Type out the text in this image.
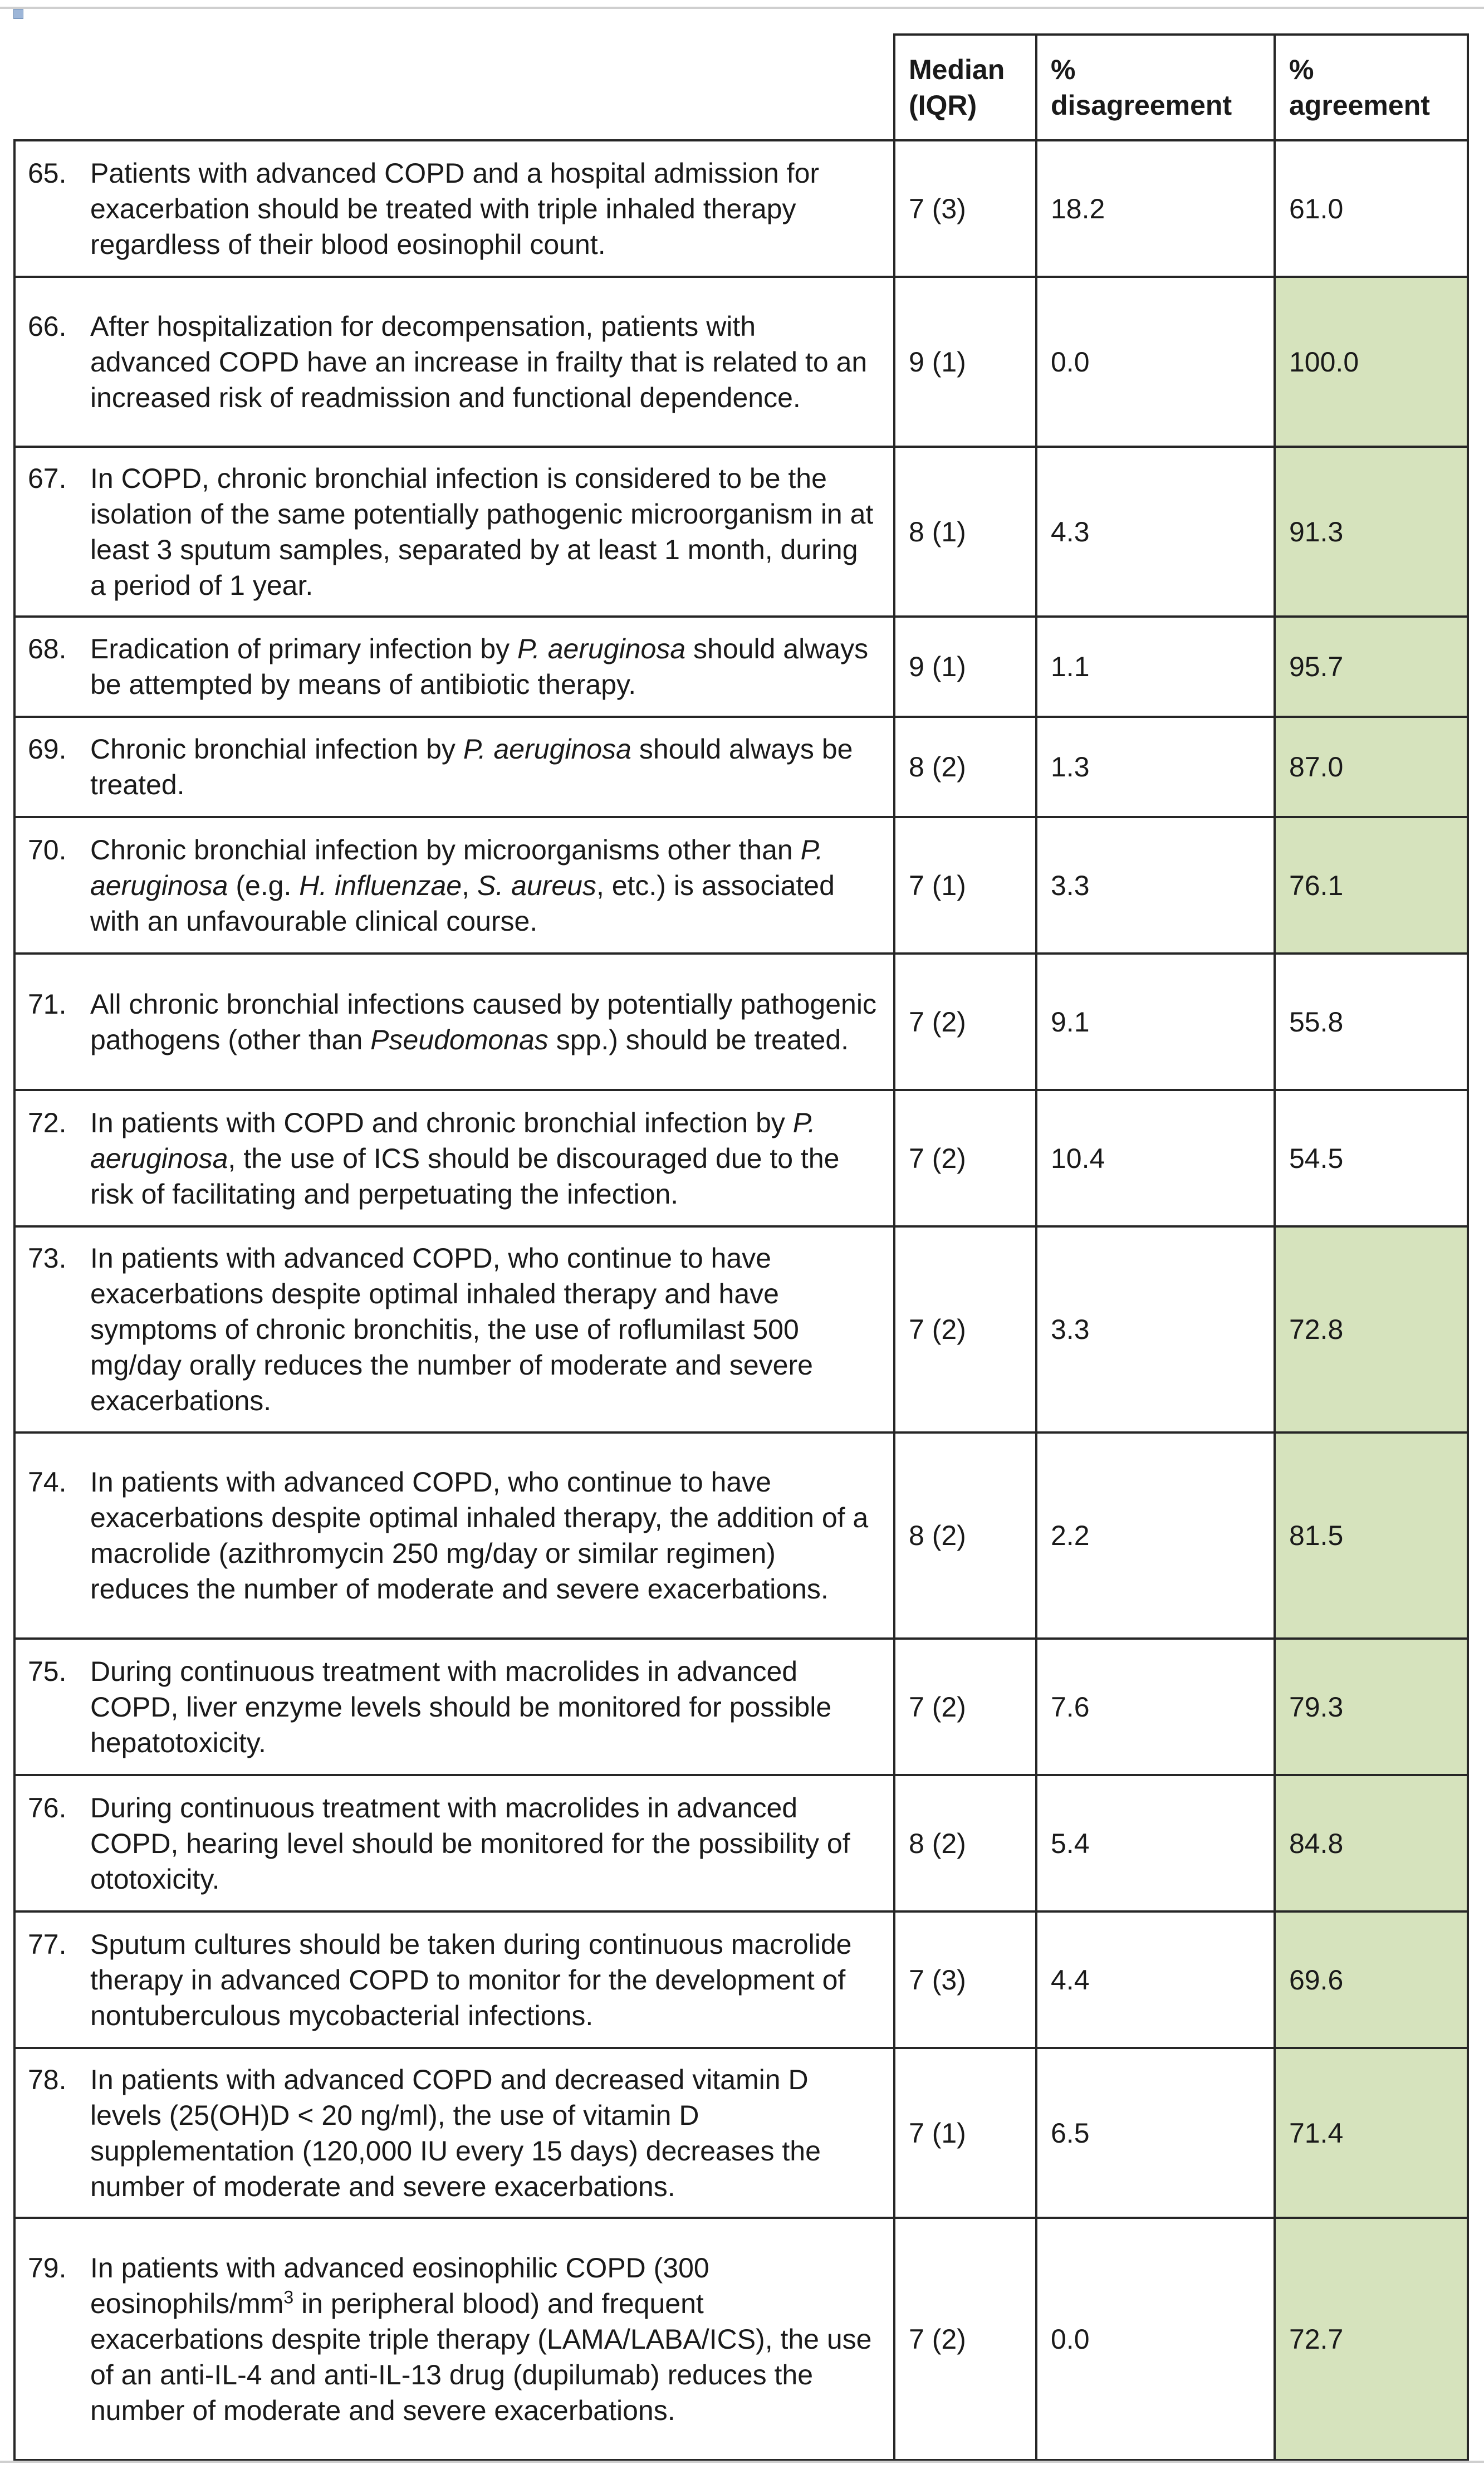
	Median (IQR)	% disagreement	% agreement
65. Patients with advanced COPD and a hospital admission for exacerbation should be treated with triple inhaled therapy regardless of their blood eosinophil count.	7 (3)	18.2	61.0
66. After hospitalization for decompensation, patients with advanced COPD have an increase in frailty that is related to an increased risk of readmission and functional dependence.	9 (1)	0.0	100.0
67. In COPD, chronic bronchial infection is considered to be the isolation of the same potentially pathogenic microorganism in at least 3 sputum samples, separated by at least 1 month, during a period of 1 year.	8 (1)	4.3	91.3
68. Eradication of primary infection by P. aeruginosa should always be attempted by means of antibiotic therapy.	9 (1)	1.1	95.7
69. Chronic bronchial infection by P. aeruginosa should always be treated.	8 (2)	1.3	87.0
70. Chronic bronchial infection by microorganisms other than P. aeruginosa (e.g. H. influenzae, S. aureus, etc.) is associated with an unfavourable clinical course.	7 (1)	3.3	76.1
71. All chronic bronchial infections caused by potentially pathogenic pathogens (other than Pseudomonas spp.) should be treated.	7 (2)	9.1	55.8
72. In patients with COPD and chronic bronchial infection by P. aeruginosa, the use of ICS should be discouraged due to the risk of facilitating and perpetuating the infection.	7 (2)	10.4	54.5
73. In patients with advanced COPD, who continue to have exacerbations despite optimal inhaled therapy and have symptoms of chronic bronchitis, the use of roflumilast 500 mg/day orally reduces the number of moderate and severe exacerbations.	7 (2)	3.3	72.8
74. In patients with advanced COPD, who continue to have exacerbations despite optimal inhaled therapy, the addition of a macrolide (azithromycin 250 mg/day or similar regimen) reduces the number of moderate and severe exacerbations.	8 (2)	2.2	81.5
75. During continuous treatment with macrolides in advanced COPD, liver enzyme levels should be monitored for possible hepatotoxicity.	7 (2)	7.6	79.3
76. During continuous treatment with macrolides in advanced COPD, hearing level should be monitored for the possibility of ototoxicity.	8 (2)	5.4	84.8
77. Sputum cultures should be taken during continuous macrolide therapy in advanced COPD to monitor for the development of nontuberculous mycobacterial infections.	7 (3)	4.4	69.6
78. In patients with advanced COPD and decreased vitamin D levels (25(OH)D < 20 ng/ml), the use of vitamin D supplementation (120,000 IU every 15 days) decreases the number of moderate and severe exacerbations.	7 (1)	6.5	71.4
79. In patients with advanced eosinophilic COPD (300 eosinophils/$mm^3$ in peripheral blood) and frequent exacerbations despite triple therapy (LAMA/LABA/ICS), the use of an anti-IL-4 and anti-IL-13 drug (dupilumab) reduces the number of moderate and severe exacerbations.	7 (2)	0.0	72.7
